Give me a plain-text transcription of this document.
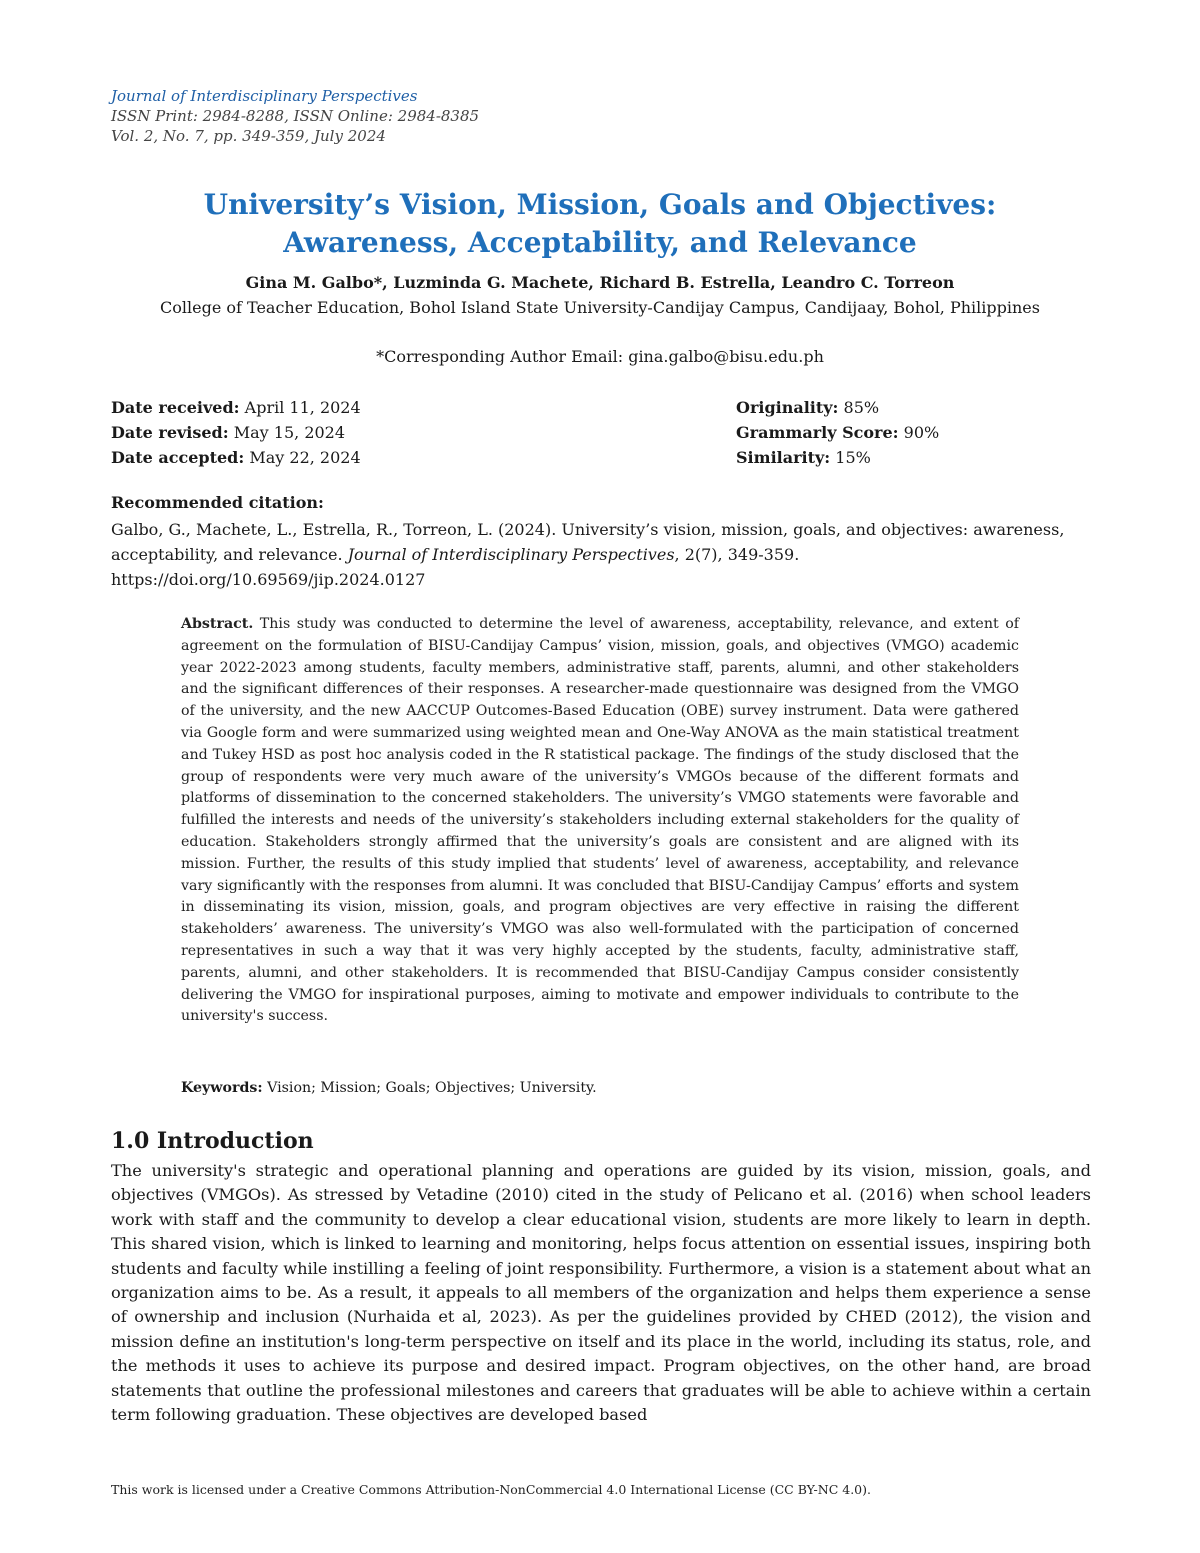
Journal of Interdisciplinary Perspectives
ISSN Print: 2984-8288, ISSN Online: 2984-8385
Vol. 2, No. 7, pp. 349-359, July 2024
University’s Vision, Mission, Goals and Objectives:
Awareness, Acceptability, and Relevance
Gina M. Galbo*, Luzminda G. Machete, Richard B. Estrella, Leandro C. Torreon
College of Teacher Education, Bohol Island State University-Candijay Campus, Candijaay, Bohol, Philippines
*Corresponding Author Email: gina.galbo@bisu.edu.ph
Date received: April 11, 2024
Date revised: May 15, 2024
Date accepted: May 22, 2024
Originality: 85%
Grammarly Score: 90%
Similarity: 15%
Recommended citation:
Galbo, G., Machete, L., Estrella, R., Torreon, L. (2024). University’s vision, mission, goals, and objectives: awareness, acceptability, and relevance. Journal of Interdisciplinary Perspectives, 2(7), 349-359. https://doi.org/10.69569/jip.2024.0127
Abstract. This study was conducted to determine the level of awareness, acceptability, relevance, and extent of agreement on the formulation of BISU-Candijay Campus’ vision, mission, goals, and objectives (VMGO) academic year 2022-2023 among students, faculty members, administrative staff, parents, alumni, and other stakeholders and the significant differences of their responses. A researcher-made questionnaire was designed from the VMGO of the university, and the new AACCUP Outcomes-Based Education (OBE) survey instrument. Data were gathered via Google form and were summarized using weighted mean and One-Way ANOVA as the main statistical treatment and Tukey HSD as post hoc analysis coded in the R statistical package. The findings of the study disclosed that the group of respondents were very much aware of the university’s VMGOs because of the different formats and platforms of dissemination to the concerned stakeholders. The university’s VMGO statements were favorable and fulfilled the interests and needs of the university’s stakeholders including external stakeholders for the quality of education. Stakeholders strongly affirmed that the university’s goals are consistent and are aligned with its mission. Further, the results of this study implied that students’ level of awareness, acceptability, and relevance vary significantly with the responses from alumni. It was concluded that BISU-Candijay Campus’ efforts and system in disseminating its vision, mission, goals, and program objectives are very effective in raising the different stakeholders’ awareness. The university’s VMGO was also well-formulated with the participation of concerned representatives in such a way that it was very highly accepted by the students, faculty, administrative staff, parents, alumni, and other stakeholders. It is recommended that BISU-Candijay Campus consider consistently delivering the VMGO for inspirational purposes, aiming to motivate and empower individuals to contribute to the university's success.
Keywords: Vision; Mission; Goals; Objectives; University.
1.0 Introduction
The university's strategic and operational planning and operations are guided by its vision, mission, goals, and objectives (VMGOs). As stressed by Vetadine (2010) cited in the study of Pelicano et al. (2016) when school leaders work with staff and the community to develop a clear educational vision, students are more likely to learn in depth. This shared vision, which is linked to learning and monitoring, helps focus attention on essential issues, inspiring both students and faculty while instilling a feeling of joint responsibility. Furthermore, a vision is a statement about what an organization aims to be. As a result, it appeals to all members of the organization and helps them experience a sense of ownership and inclusion (Nurhaida et al, 2023). As per the guidelines provided by CHED (2012), the vision and mission define an institution's long-term perspective on itself and its place in the world, including its status, role, and the methods it uses to achieve its purpose and desired impact. Program objectives, on the other hand, are broad statements that outline the professional milestones and careers that graduates will be able to achieve within a certain term following graduation. These objectives are developed based
This work is licensed under a Creative Commons Attribution-NonCommercial 4.0 International License (CC BY-NC 4.0).
